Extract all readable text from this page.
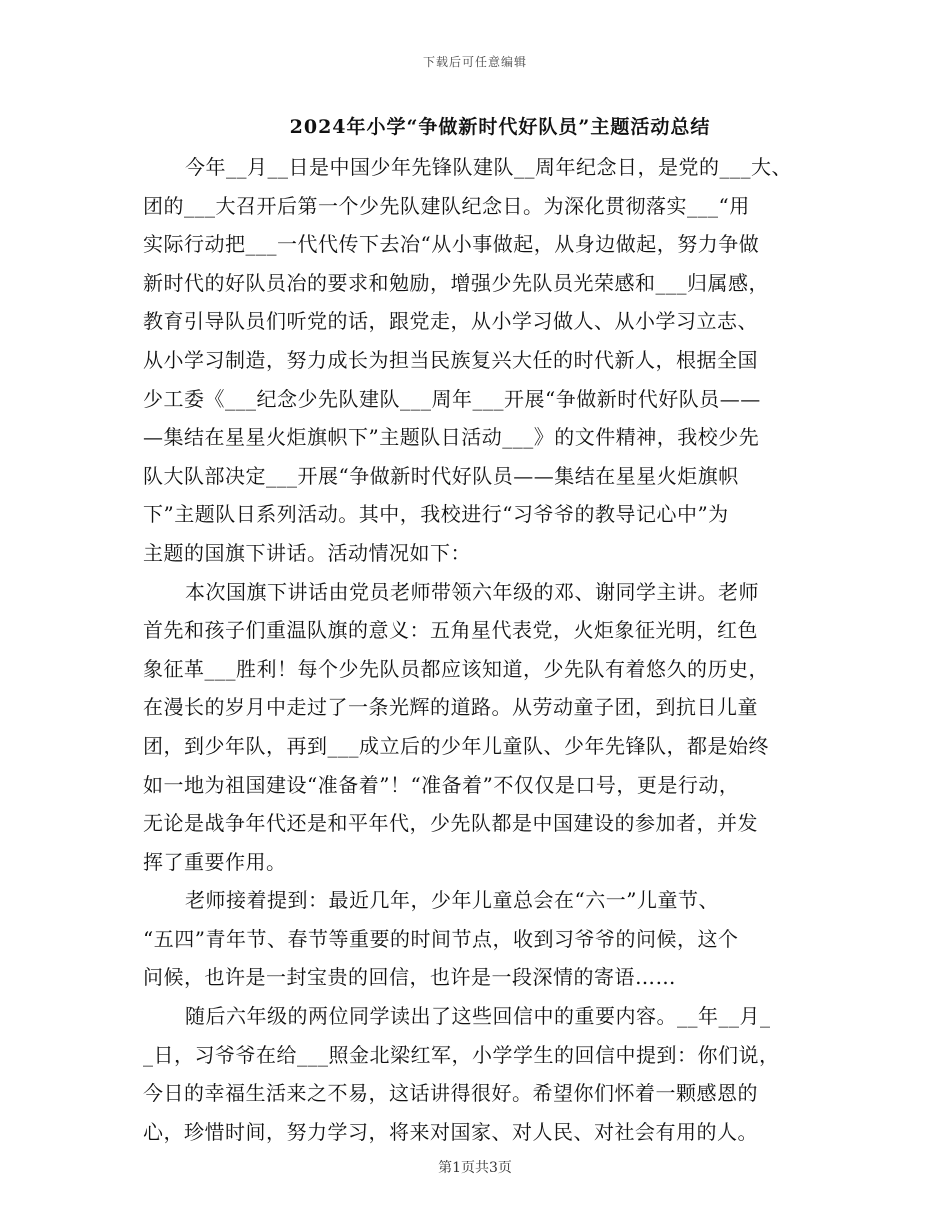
下载后可任意编辑
2024年小学“争做新时代好队员”主题活动总结
今年__月__日是中国少年先锋队建队__周年纪念日，是党的___大、
团的___大召开后第一个少先队建队纪念日。为深化贯彻落实___“用
实际行动把___一代代传下去冶“从小事做起，从身边做起，努力争做
新时代的好队员冶的要求和勉励，增强少先队员光荣感和___归属感，
教育引导队员们听党的话，跟党走，从小学习做人、从小学习立志、
从小学习制造，努力成长为担当民族复兴大任的时代新人，根据全国
少工委《___纪念少先队建队___周年___开展“争做新时代好队员——
—集结在星星火炬旗帜下”主题队日活动___》的文件精神，我校少先
队大队部决定___开展“争做新时代好队员——集结在星星火炬旗帜
下”主题队日系列活动。其中，我校进行“习爷爷的教导记心中”为
主题的国旗下讲话。活动情况如下：
本次国旗下讲话由党员老师带领六年级的邓、谢同学主讲。老师
首先和孩子们重温队旗的意义：五角星代表党，火炬象征光明，红色
象征革___胜利！每个少先队员都应该知道，少先队有着悠久的历史，
在漫长的岁月中走过了一条光辉的道路。从劳动童子团，到抗日儿童
团，到少年队，再到___成立后的少年儿童队、少年先锋队，都是始终
如一地为祖国建设“准备着”！“准备着”不仅仅是口号，更是行动，
无论是战争年代还是和平年代，少先队都是中国建设的参加者，并发
挥了重要作用。
老师接着提到：最近几年，少年儿童总会在“六一”儿童节、
“五四”青年节、春节等重要的时间节点，收到习爷爷的问候，这个
问候，也许是一封宝贵的回信，也许是一段深情的寄语……
随后六年级的两位同学读出了这些回信中的重要内容。__年__月_
_日，习爷爷在给___照金北梁红军，小学学生的回信中提到：你们说，
今日的幸福生活来之不易，这话讲得很好。希望你们怀着一颗感恩的
心，珍惜时间，努力学习，将来对国家、对人民、对社会有用的人。
第1页共3页
